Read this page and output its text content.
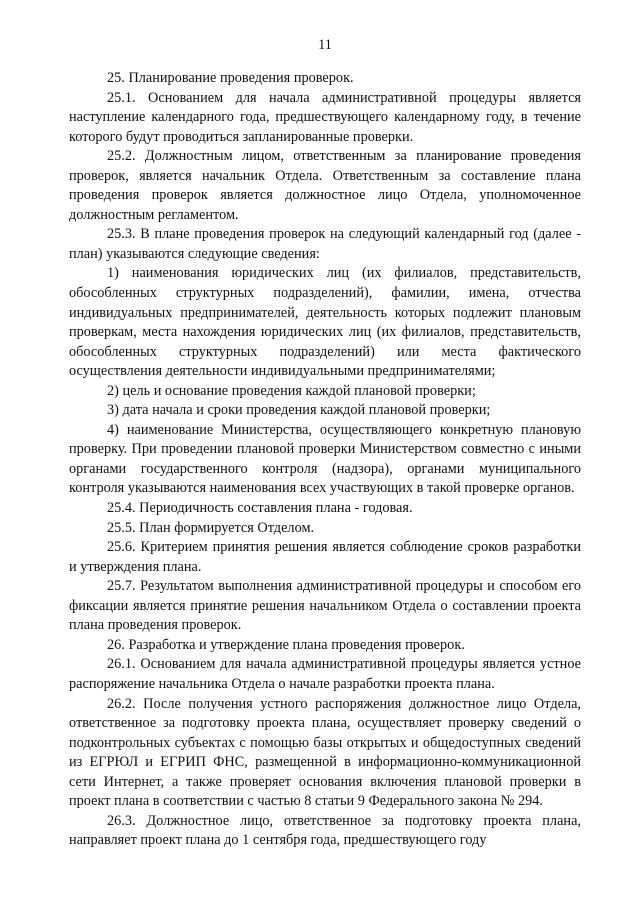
11

25. Планирование проведения проверок.

25.1. Основанием для начала административной процедуры является наступление календарного года, предшествующего календарному году, в течение которого будут проводиться запланированные проверки.

25.2. Должностным лицом, ответственным за планирование проведения проверок, является начальник Отдела. Ответственным за составление плана проведения проверок является должностное лицо Отдела, уполномоченное должностным регламентом.

25.3. В плане проведения проверок на следующий календарный год (далее - план) указываются следующие сведения:

1) наименования юридических лиц (их филиалов, представительств, обособленных структурных подразделений), фамилии, имена, отчества индивидуальных предпринимателей, деятельность которых подлежит плановым проверкам, места нахождения юридических лиц (их филиалов, представительств, обособленных структурных подразделений) или места фактического осуществления деятельности индивидуальными предпринимателями;

2) цель и основание проведения каждой плановой проверки;

3) дата начала и сроки проведения каждой плановой проверки;

4) наименование Министерства, осуществляющего конкретную плановую проверку. При проведении плановой проверки Министерством совместно с иными органами государственного контроля (надзора), органами муниципального контроля указываются наименования всех участвующих в такой проверке органов.

25.4. Периодичность составления плана - годовая.

25.5. План формируется Отделом.

25.6. Критерием принятия решения является соблюдение сроков разработки и утверждения плана.

25.7. Результатом выполнения административной процедуры и способом его фиксации является принятие решения начальником Отдела о составлении проекта плана проведения проверок.

26. Разработка и утверждение плана проведения проверок.

26.1. Основанием для начала административной процедуры является устное распоряжение начальника Отдела о начале разработки проекта плана.

26.2. После получения устного распоряжения должностное лицо Отдела, ответственное за подготовку проекта плана, осуществляет проверку сведений о подконтрольных субъектах с помощью базы открытых и общедоступных сведений из ЕГРЮЛ и ЕГРИП ФНС, размещенной в информационно-коммуникационной сети Интернет, а также проверяет основания включения плановой проверки в проект плана в соответствии с частью 8 статьи 9 Федерального закона № 294.

26.3. Должностное лицо, ответственное за подготовку проекта плана, направляет проект плана до 1 сентября года, предшествующего году
